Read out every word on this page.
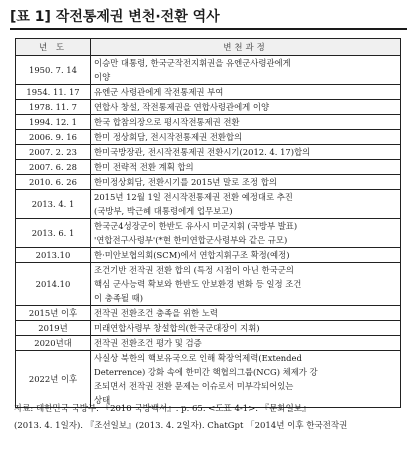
[표 1] 작전통제권 변천·전환 역사
년 도	변천과정
1950. 7. 14	이승만 대통령, 한국군작전지휘권을 유엔군사령관에게
이양

1954. 11. 17	유엔군 사령관에게 작전통제권 부여

1978. 11. 7	연합사 창설, 작전통제권을 연합사령관에게 이양

1994. 12. 1	한국 합참의장으로 평시작전통제권 전환

2006. 9. 16	한미 정상회담, 전시작전통제권 전환합의

2007. 2. 23	한미국방장관, 전시작전통제권 전환시기(2012. 4. 17)합의

2007. 6. 28	한미 전략적 전환 계획 합의

2010. 6. 26	한미정상회담, 전환시기를 2015년 말로 조정 합의

2013. 4. 1	2015년 12월 1일 전시작전통제권 전환 예정대로 추진
(국방부, 박근혜 대통령에게 업무보고)

2013. 6. 1	한국군4성장군이 한반도 유사시 미군지휘 (국방부 발표)
'연합전구사령부'(*현 한미연합군사령부와 같은 규모)

2013.10	한·미안보협의회(SCM)에서 연합지휘구조 확정(예정)

2014.10	조건기반 전작권 전환 합의 (특정 시점이 아닌 한국군의
핵심 군사능력 확보와 한반도 안보환경 변화 등 일정 조건
이 충족될 때)

2015년 이후	전작권 전환조건 충족을 위한 노력

2019년	미래연합사령부 창설합의(한국군대장이 지휘)

2020년대	전작권 전환조건 평가 및 검증

2022년 이후	사실상 북한의 핵보유국으로 인해 확장억제력(Extended
Deterrence) 강화 속에 한미간 핵협의그룹(NCG) 체제가 강
조되면서 전작권 전환 문제는 이슈로서 미부각되어있는
상태
자료: 대한민국 국방부. 『2010 국방백서』. p. 65. <도표 4-1>. 『문화일보』
(2013. 4. 1일자). 『조선일보』(2013. 4. 2일자). ChatGpt 「2014년 이후 한국전작권
